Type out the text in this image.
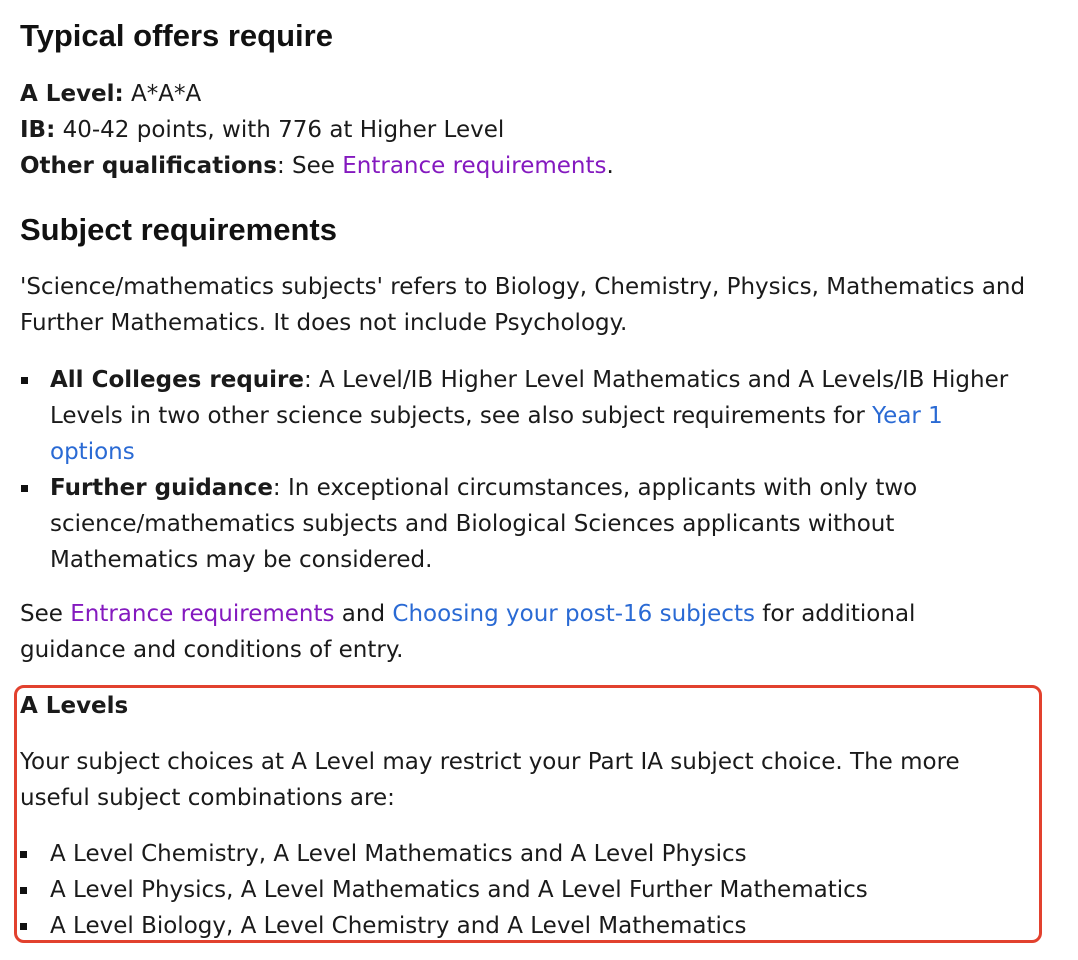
Typical offers require
A Level: A*A*A
IB: 40-42 points, with 776 at Higher Level
Other qualifications: See Entrance requirements.
Subject requirements

'Science/mathematics subjects' refers to Biology, Chemistry, Physics, Mathematics and Further Mathematics. It does not include Psychology.

All Colleges require: A Level/IB Higher Level Mathematics and A Levels/IB Higher Levels in two other science subjects, see also subject requirements for Year 1 options
Further guidance: In exceptional circumstances, applicants with only two science/mathematics subjects and Biological Sciences applicants without Mathematics may be considered.

See Entrance requirements and Choosing your post-16 subjects for additional guidance and conditions of entry.

A Levels

Your subject choices at A Level may restrict your Part IA subject choice. The more useful subject combinations are:

A Level Chemistry, A Level Mathematics and A Level Physics
A Level Physics, A Level Mathematics and A Level Further Mathematics
A Level Biology, A Level Chemistry and A Level Mathematics
